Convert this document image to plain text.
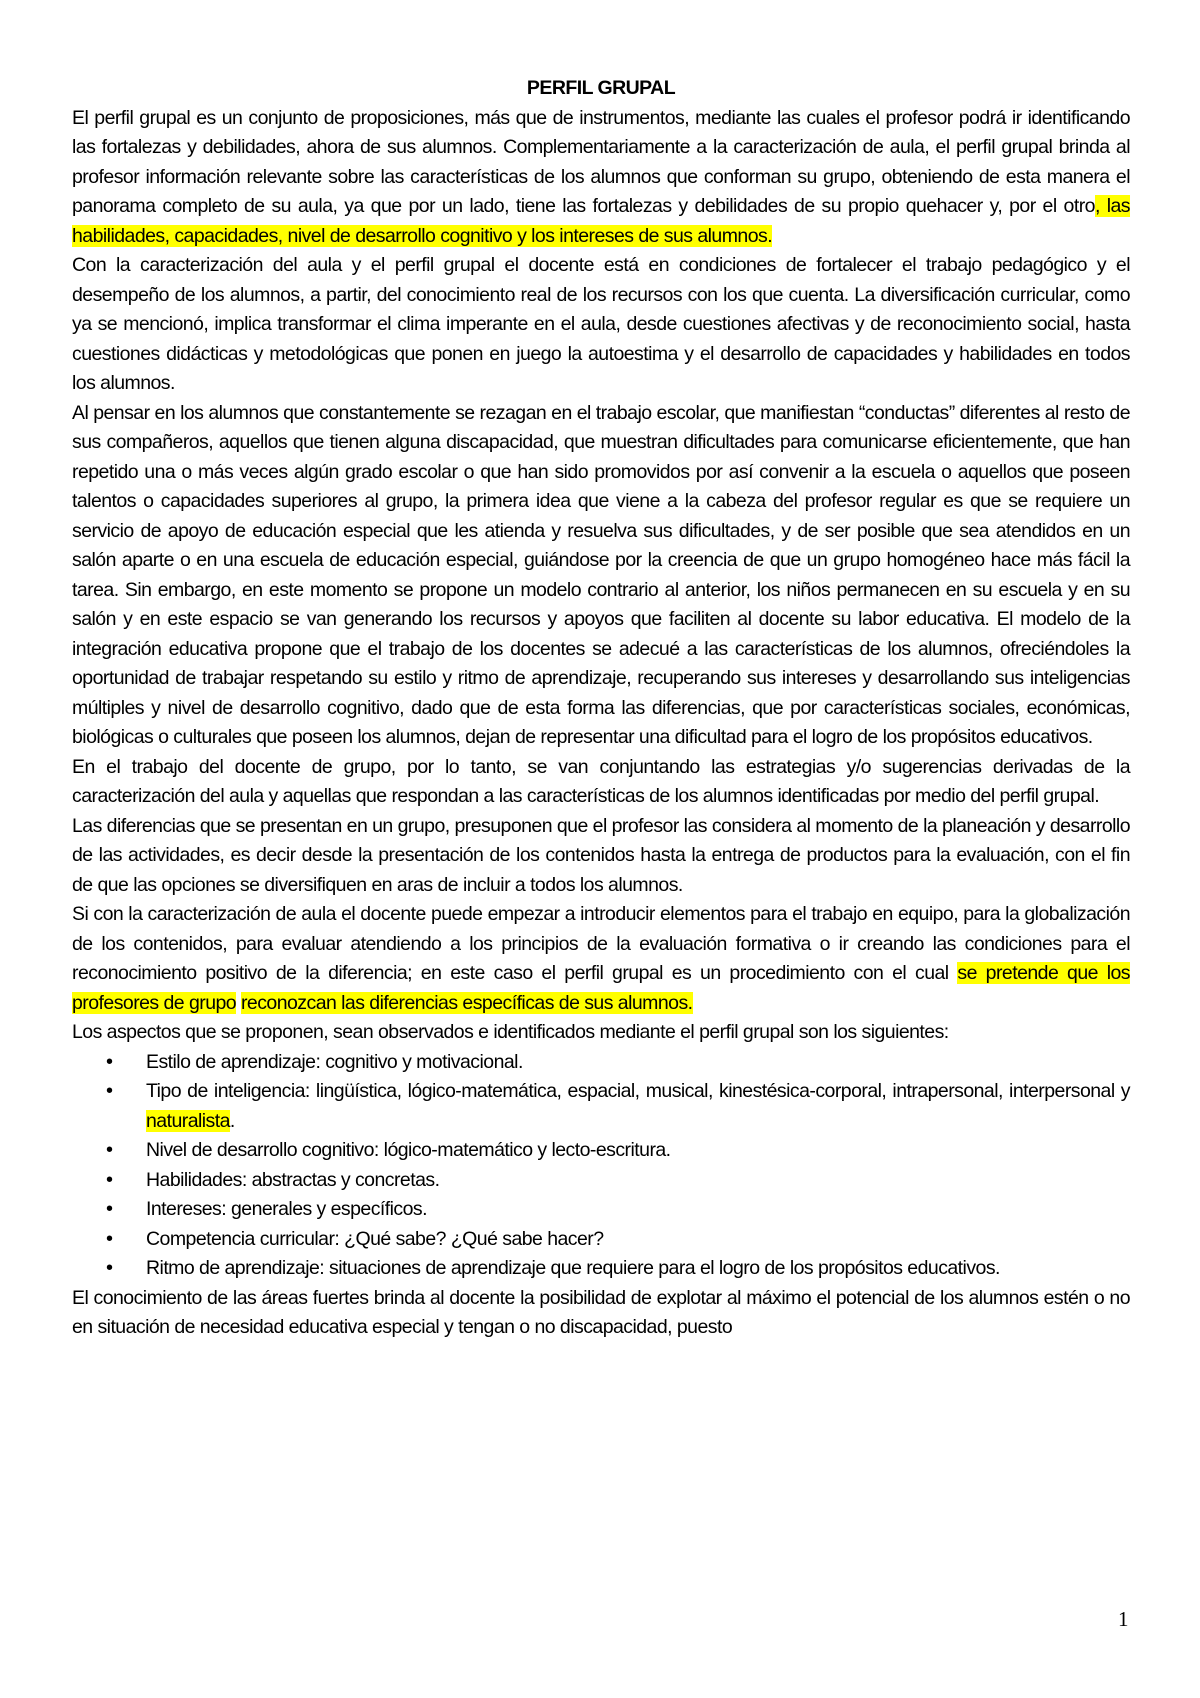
PERFIL GRUPAL

El perfil grupal es un conjunto de proposiciones, más que de instrumentos, mediante las cuales el profesor podrá ir identificando las fortalezas y debilidades, ahora de sus alumnos. Complementariamente a la caracterización de aula, el perfil grupal brinda al profesor información relevante sobre las características de los alumnos que conforman su grupo, obteniendo de esta manera el panorama completo de su aula, ya que por un lado, tiene las fortalezas y debilidades de su propio quehacer y, por el otro, las habilidades, capacidades, nivel de desarrollo cognitivo y los intereses de sus alumnos.

Con la caracterización del aula y el perfil grupal el docente está en condiciones de fortalecer el trabajo pedagógico y el desempeño de los alumnos, a partir, del conocimiento real de los recursos con los que cuenta. La diversificación curricular, como ya se mencionó, implica transformar el clima imperante en el aula, desde cuestiones afectivas y de reconocimiento social, hasta cuestiones didácticas y metodológicas que ponen en juego la autoestima y el desarrollo de capacidades y habilidades en todos los alumnos.

Al pensar en los alumnos que constantemente se rezagan en el trabajo escolar, que manifiestan “conductas” diferentes al resto de sus compañeros, aquellos que tienen alguna discapacidad, que muestran dificultades para comunicarse eficientemente, que han repetido una o más veces algún grado escolar o que han sido promovidos por así convenir a la escuela o aquellos que poseen talentos o capacidades superiores al grupo, la primera idea que viene a la cabeza del profesor regular es que se requiere un servicio de apoyo de educación especial que les atienda y resuelva sus dificultades, y de ser posible que sea atendidos en un salón aparte o en una escuela de educación especial, guiándose por la creencia de que un grupo homogéneo hace más fácil la tarea. Sin embargo, en este momento se propone un modelo contrario al anterior, los niños permanecen en su escuela y en su salón y en este espacio se van generando los recursos y apoyos que faciliten al docente su labor educativa. El modelo de la integración educativa propone que el trabajo de los docentes se adecué a las características de los alumnos, ofreciéndoles la oportunidad de trabajar respetando su estilo y ritmo de aprendizaje, recuperando sus intereses y desarrollando sus inteligencias múltiples y nivel de desarrollo cognitivo, dado que de esta forma las diferencias, que por características sociales, económicas, biológicas o culturales que poseen los alumnos, dejan de representar una dificultad para el logro de los propósitos educativos.

En el trabajo del docente de grupo, por lo tanto, se van conjuntando las estrategias y/o sugerencias derivadas de la caracterización del aula y aquellas que respondan a las características de los alumnos identificadas por medio del perfil grupal.

Las diferencias que se presentan en un grupo, presuponen que el profesor las considera al momento de la planeación y desarrollo de las actividades, es decir desde la presentación de los contenidos hasta la entrega de productos para la evaluación, con el fin de que las opciones se diversifiquen en aras de incluir a todos los alumnos.

Si con la caracterización de aula el docente puede empezar a introducir elementos para el trabajo en equipo, para la globalización de los contenidos, para evaluar atendiendo a los principios de la evaluación formativa o ir creando las condiciones para el reconocimiento positivo de la diferencia; en este caso el perfil grupal es un procedimiento con el cual se pretende que los profesores de grupo reconozcan las diferencias específicas de sus alumnos.

Los aspectos que se proponen, sean observados e identificados mediante el perfil grupal son los siguientes:

• Estilo de aprendizaje: cognitivo y motivacional.
• Tipo de inteligencia: lingüística, lógico-matemática, espacial, musical, kinestésica-corporal, intrapersonal, interpersonal y naturalista.
• Nivel de desarrollo cognitivo: lógico-matemático y lecto-escritura.
• Habilidades: abstractas y concretas.
• Intereses: generales y específicos.
• Competencia curricular: ¿Qué sabe? ¿Qué sabe hacer?
• Ritmo de aprendizaje: situaciones de aprendizaje que requiere para el logro de los propósitos educativos.

El conocimiento de las áreas fuertes brinda al docente la posibilidad de explotar al máximo el potencial de los alumnos estén o no en situación de necesidad educativa especial y tengan o no discapacidad, puesto

1
